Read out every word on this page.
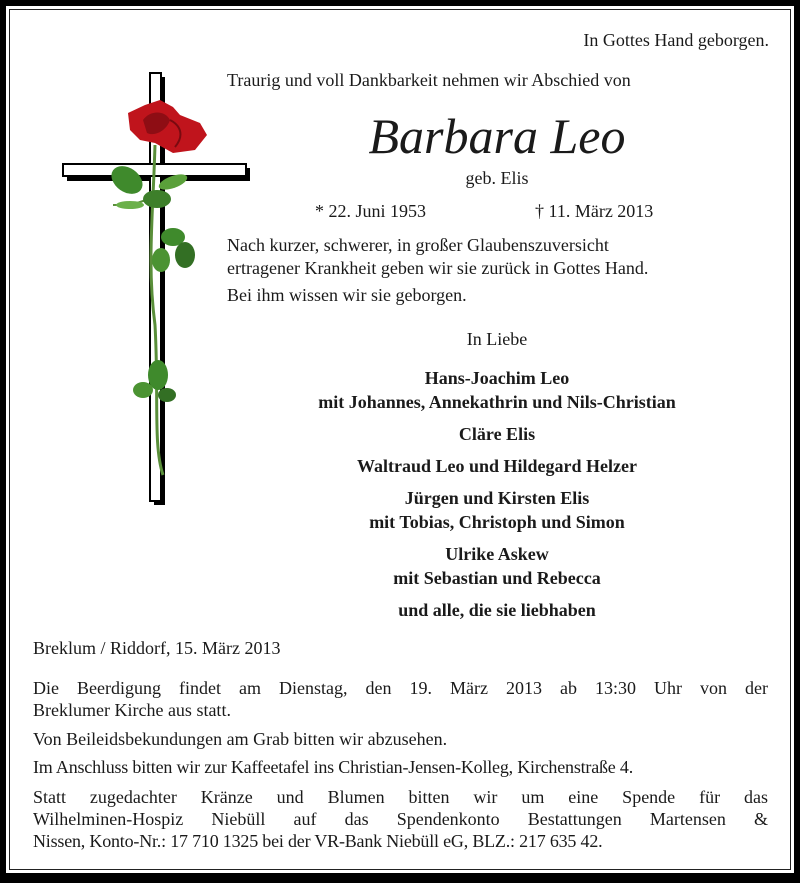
In Gottes Hand geborgen.
Traurig und voll Dankbarkeit nehmen wir Abschied von
Barbara Leo
geb. Elis
* 22. Juni 1953	† 11. März 2013
Nach kurzer, schwerer, in großer Glaubenszuversicht
ertragener Krankheit geben wir sie zurück in Gottes Hand.
Bei ihm wissen wir sie geborgen.
In Liebe
Hans-Joachim Leo
mit Johannes, Annekathrin und Nils-Christian
Cläre Elis
Waltraud Leo und Hildegard Helzer
Jürgen und Kirsten Elis
mit Tobias, Christoph und Simon
Ulrike Askew
mit Sebastian und Rebecca
und alle, die sie liebhaben
Breklum / Riddorf, 15. März 2013
Die Beerdigung findet am Dienstag, den 19. März 2013 ab 13:30 Uhr von der
Breklumer Kirche aus statt.
Von Beileidsbekundungen am Grab bitten wir abzusehen.
Im Anschluss bitten wir zur Kaffeetafel ins Christian-Jensen-Kolleg, Kirchenstraße 4.
Statt zugedachter Kränze und Blumen bitten wir um eine Spende für das
Wilhelminen-Hospiz Niebüll auf das Spendenkonto Bestattungen Martensen &
Nissen, Konto-Nr.: 17 710 1325 bei der VR-Bank Niebüll eG, BLZ.: 217 635 42.
